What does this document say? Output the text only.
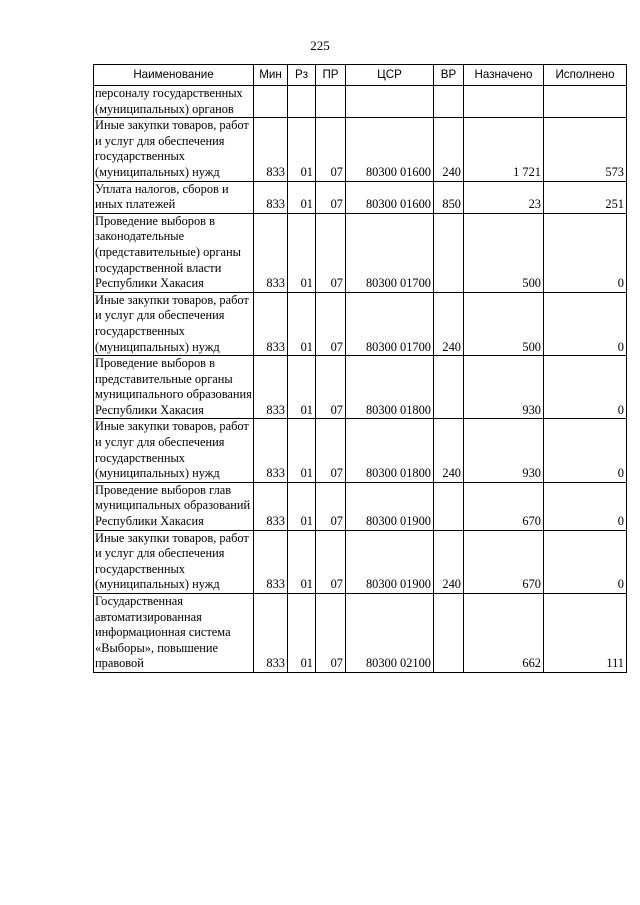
225
Наименование	Мин	Рз	ПР	ЦСР	ВР	Назначено	Исполнено
персоналу государственных (муниципальных) органов							
Иные закупки товаров, работ и услуг для обеспечения государственных (муниципальных) нужд	833	01	07	80300 01600	240	1 721	573
Уплата налогов, сборов и иных платежей	833	01	07	80300 01600	850	23	251
Проведение выборов в законодательные (представительные) органы государственной власти Республики Хакасия	833	01	07	80300 01700		500	0
Иные закупки товаров, работ и услуг для обеспечения государственных (муниципальных) нужд	833	01	07	80300 01700	240	500	0
Проведение выборов в представительные органы муниципального образования Республики Хакасия	833	01	07	80300 01800		930	0
Иные закупки товаров, работ и услуг для обеспечения государственных (муниципальных) нужд	833	01	07	80300 01800	240	930	0
Проведение выборов глав муниципальных образований Республики Хакасия	833	01	07	80300 01900		670	0
Иные закупки товаров, работ и услуг для обеспечения государственных (муниципальных) нужд	833	01	07	80300 01900	240	670	0
Государственная автоматизированная информационная система «Выборы», повышение правовой	833	01	07	80300 02100		662	111
